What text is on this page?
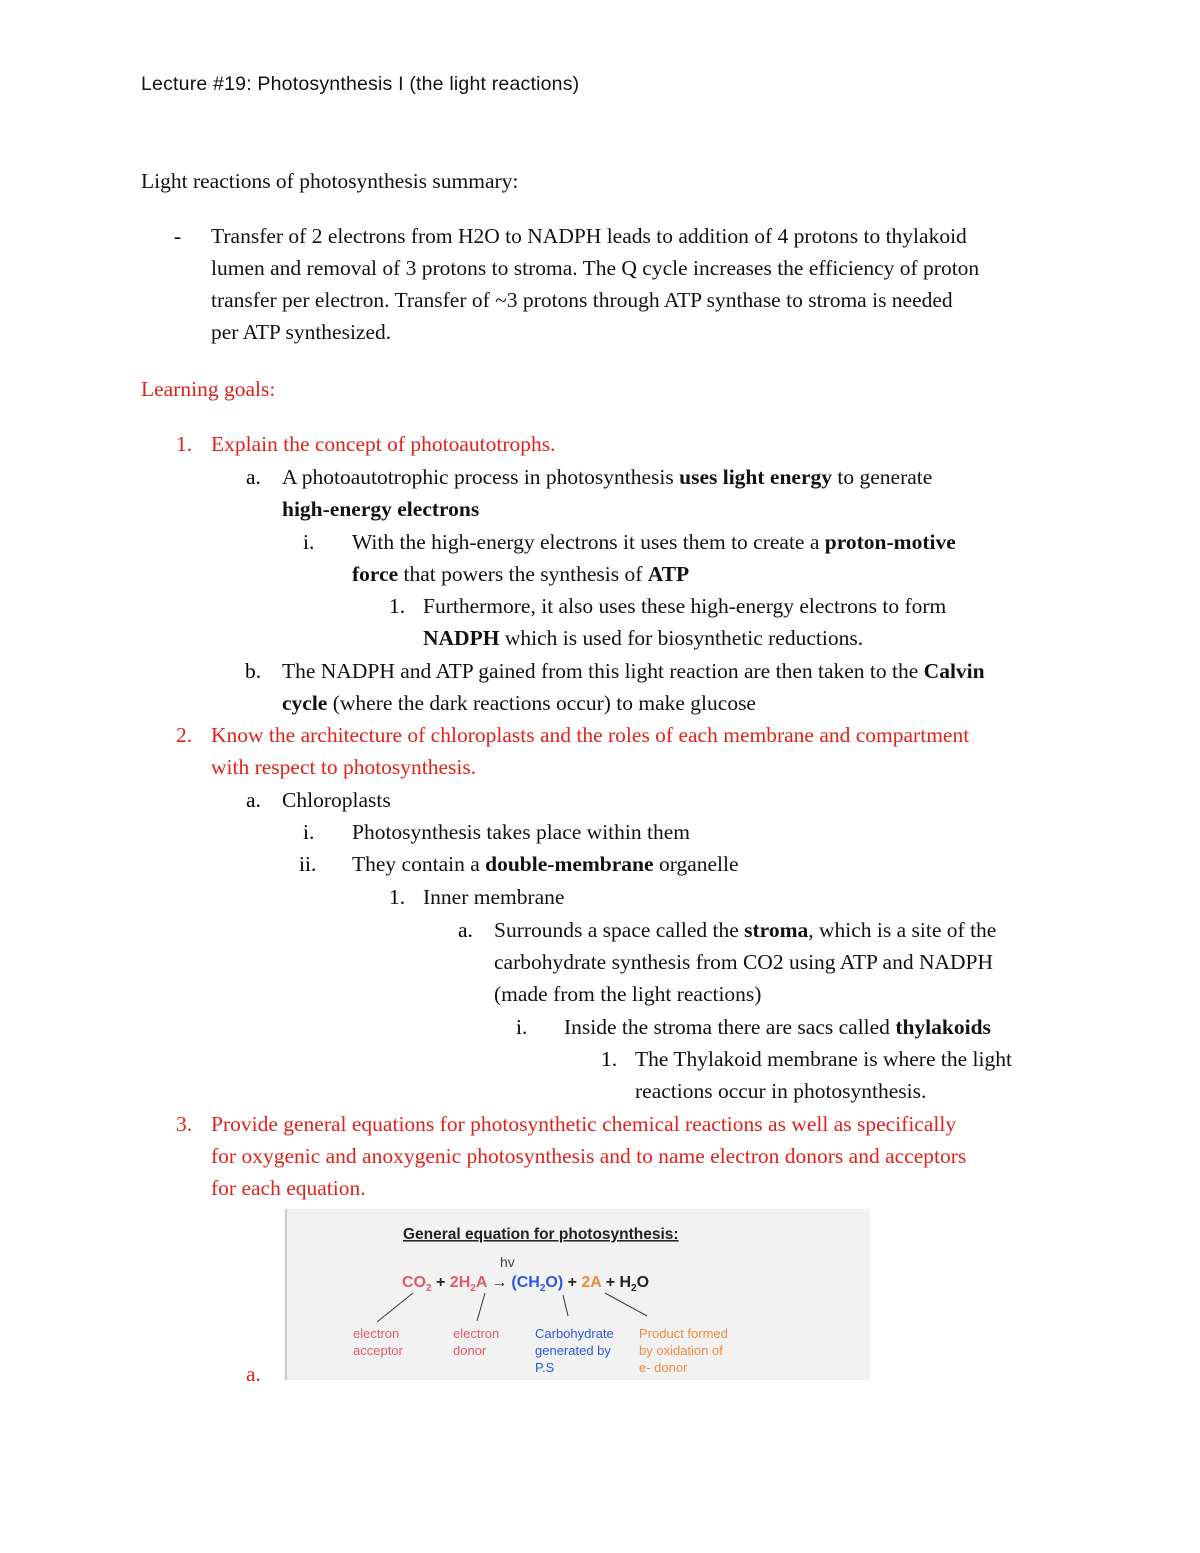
Lecture #19: Photosynthesis I (the light reactions)
Light reactions of photosynthesis summary:
- Transfer of 2 electrons from H2O to NADPH leads to addition of 4 protons to thylakoid
lumen and removal of 3 protons to stroma. The Q cycle increases the efficiency of proton
transfer per electron. Transfer of ~3 protons through ATP synthase to stroma is needed
per ATP synthesized.
Learning goals:
1. Explain the concept of photoautotrophs.
a. A photoautotrophic process in photosynthesis uses light energy to generate
high-energy electrons
i. With the high-energy electrons it uses them to create a proton-motive
force that powers the synthesis of ATP
1. Furthermore, it also uses these high-energy electrons to form
NADPH which is used for biosynthetic reductions.
b. The NADPH and ATP gained from this light reaction are then taken to the Calvin
cycle (where the dark reactions occur) to make glucose
2. Know the architecture of chloroplasts and the roles of each membrane and compartment
with respect to photosynthesis.
a. Chloroplasts
i. Photosynthesis takes place within them
ii. They contain a double-membrane organelle
1. Inner membrane
a. Surrounds a space called the stroma, which is a site of the
carbohydrate synthesis from CO2 using ATP and NADPH
(made from the light reactions)
i. Inside the stroma there are sacs called thylakoids
1. The Thylakoid membrane is where the light
reactions occur in photosynthesis.
3. Provide general equations for photosynthetic chemical reactions as well as specifically
for oxygenic and anoxygenic photosynthesis and to name electron donors and acceptors
for each equation.
a.
General equation for photosynthesis:
hv
$CO_2 + 2H_2A \to (CH_2O) + 2A + H_2O$
electron
acceptor
electron
donor
Carbohydrate
generated by
P.S
Product formed
by oxidation of
e- donor
